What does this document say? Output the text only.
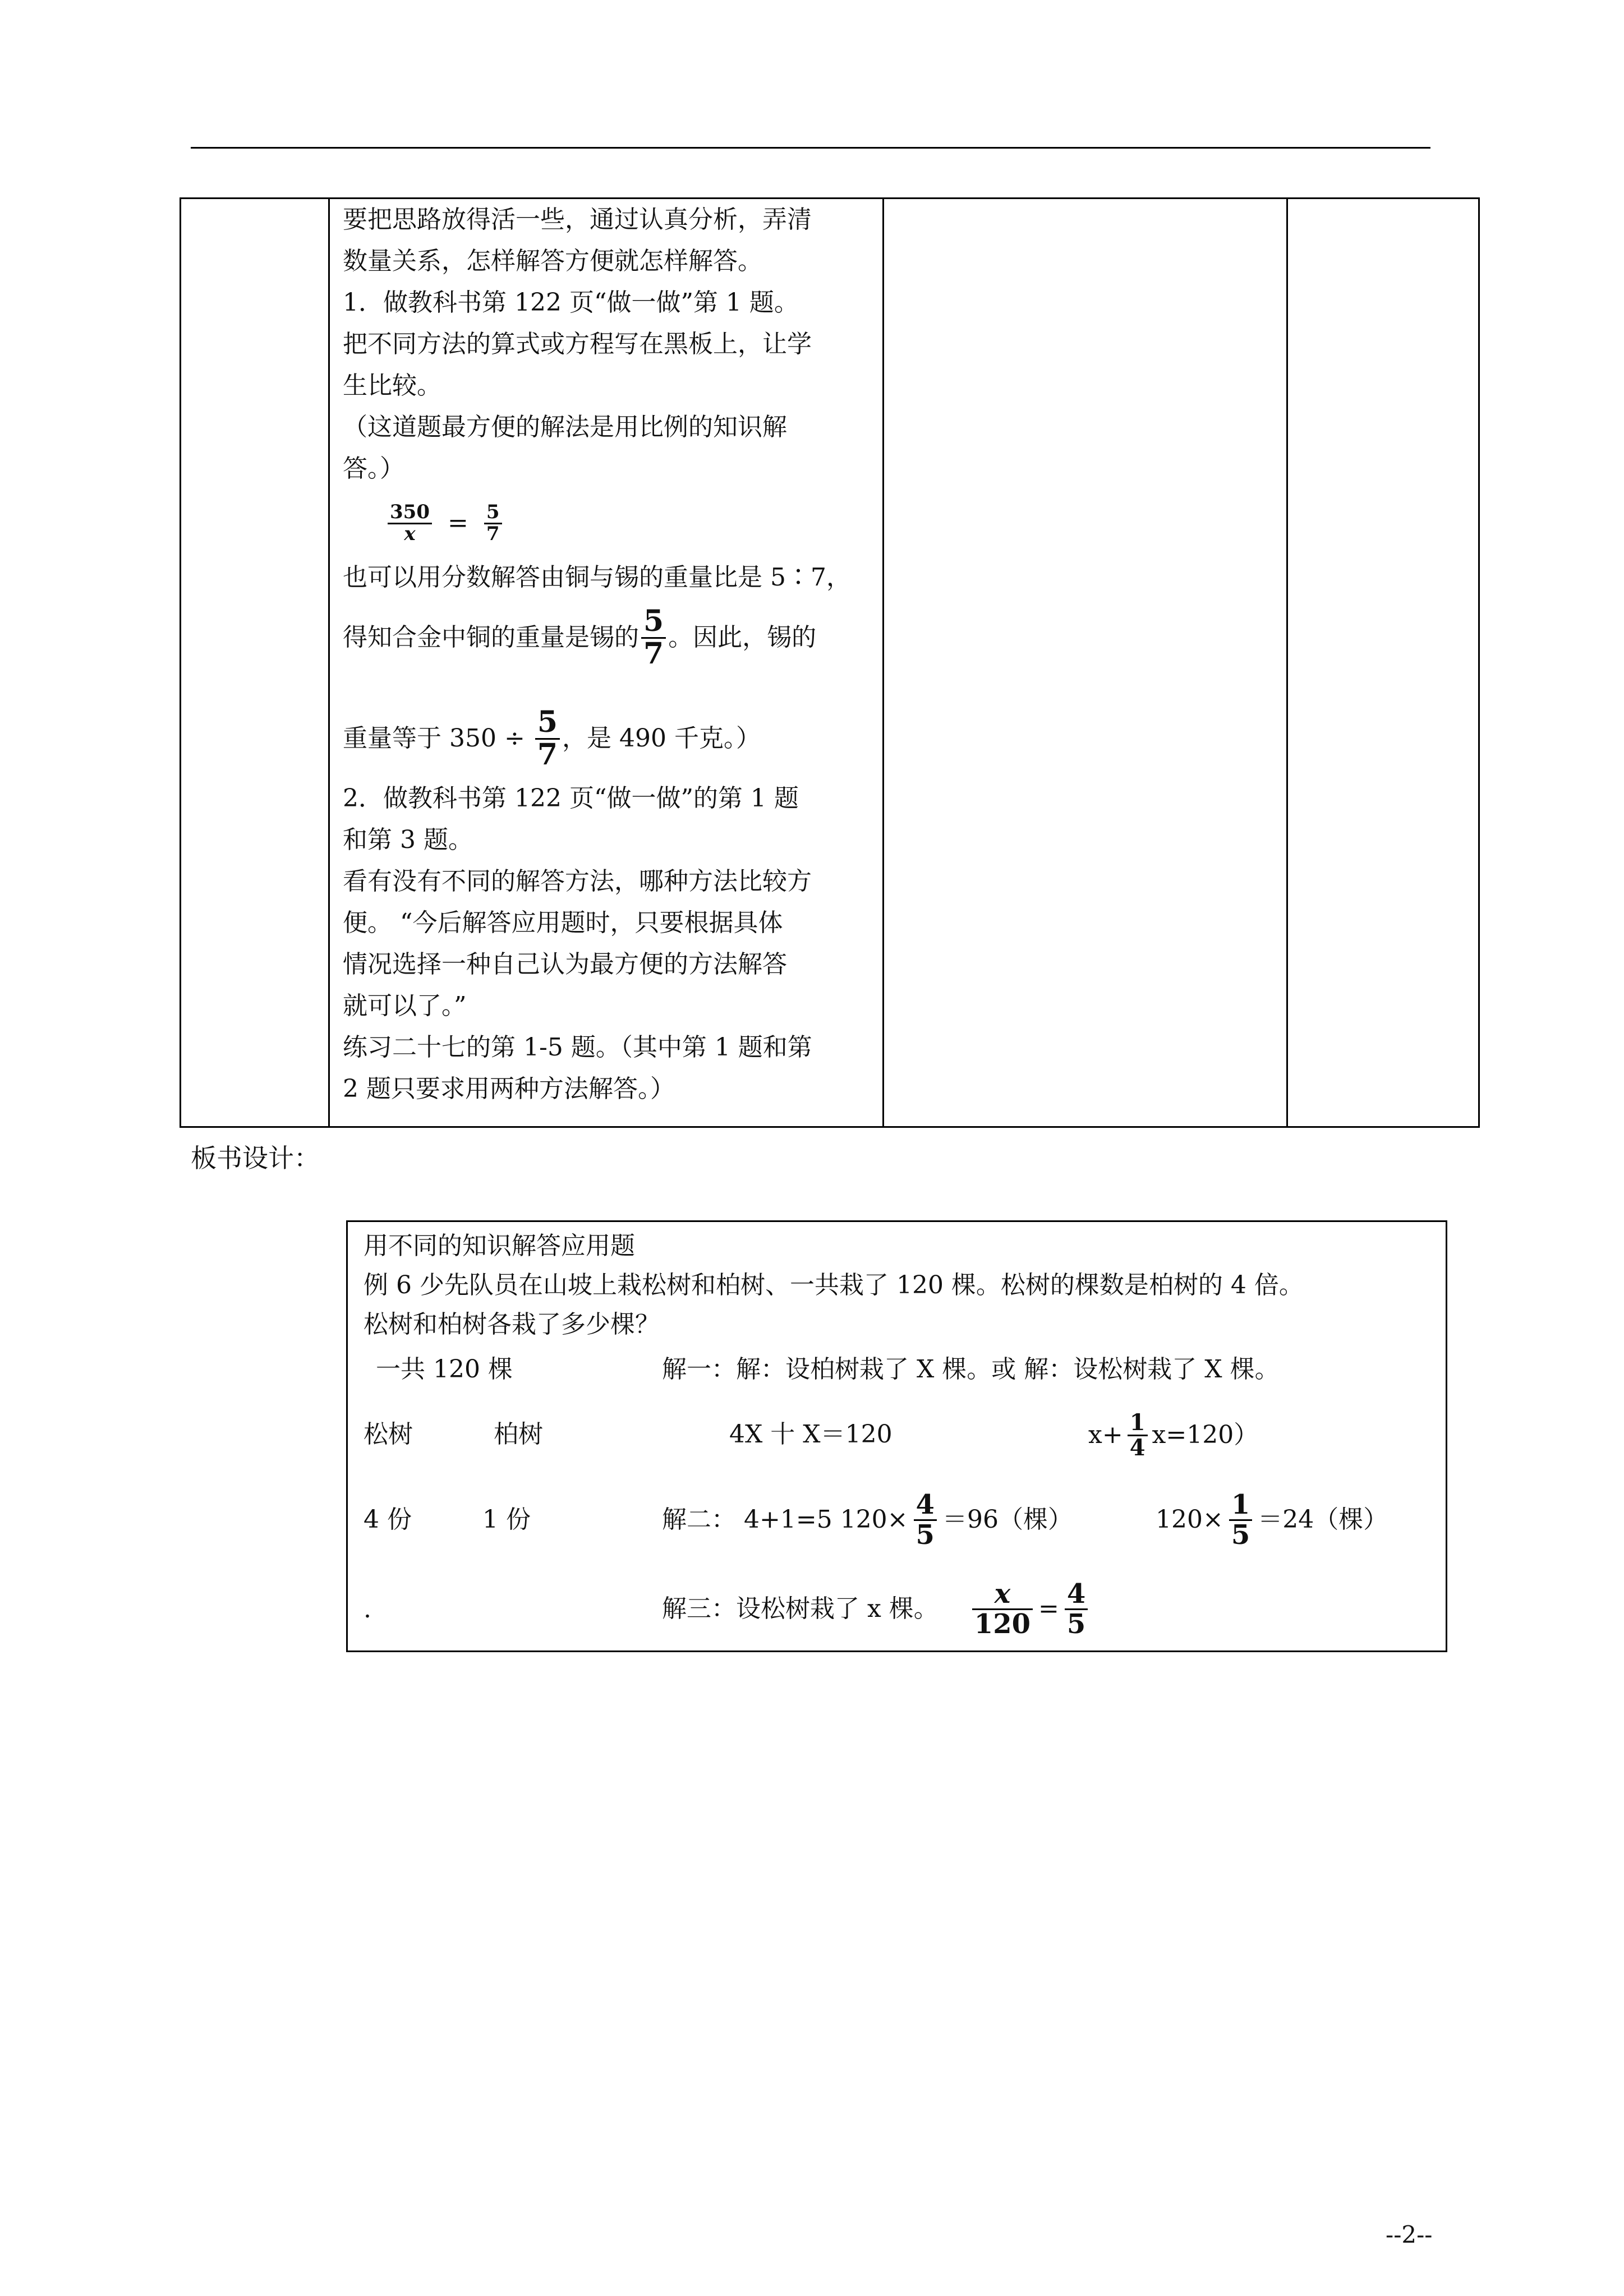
要把思路放得活一些，通过认真分析，弄清

数量关系，怎样解答方便就怎样解答。

1．做教科书第 122 页“做一做”第 1 题。

把不同方法的算式或方程写在黑板上，让学

生比较。

（这道题最方便的解法是用比例的知识解

答。）

$\frac{350}{x} = \frac{5}{7}$

也可以用分数解答由铜与锡的重量比是 5∶7，

得知合金中铜的重量是锡的 $\frac{5}{7}$ 。因此，锡的
重量等于 $350 \div \frac{5}{7}$ ，是 490 千克。）

2．做教科书第 122 页“做一做”的第 1 题

和第 3 题。

看有没有不同的解答方法，哪种方法比较方

便。 “今后解答应用题时，只要根据具体

情况选择一种自己认为最方便的方法解答

就可以了。”

练习二十七的第 1-5 题。（其中第 1 题和第

2 题只要求用两种方法解答。）

板书设计：
用不同的知识解答应用题
例 6 少先队员在山坡上栽松树和柏树、一共栽了 120 棵。松树的棵数是柏树的 4 倍。
松树和柏树各栽了多少棵？
一共 120 棵	解一：解：设柏树栽了 X 棵。或 解：设松树栽了 X 棵。
松树	柏树	4X 十 X＝120	$x+ \frac{1}{4} x=120$）
4 份	1 份	解二： 4+1=5 $120\times \frac{4}{5} =96$（棵）	$120\times \frac{1}{5} =24$（棵）
.	解三：设松树栽了 x 棵。 $\frac{x}{120} = \frac{4}{5}$
--2--
